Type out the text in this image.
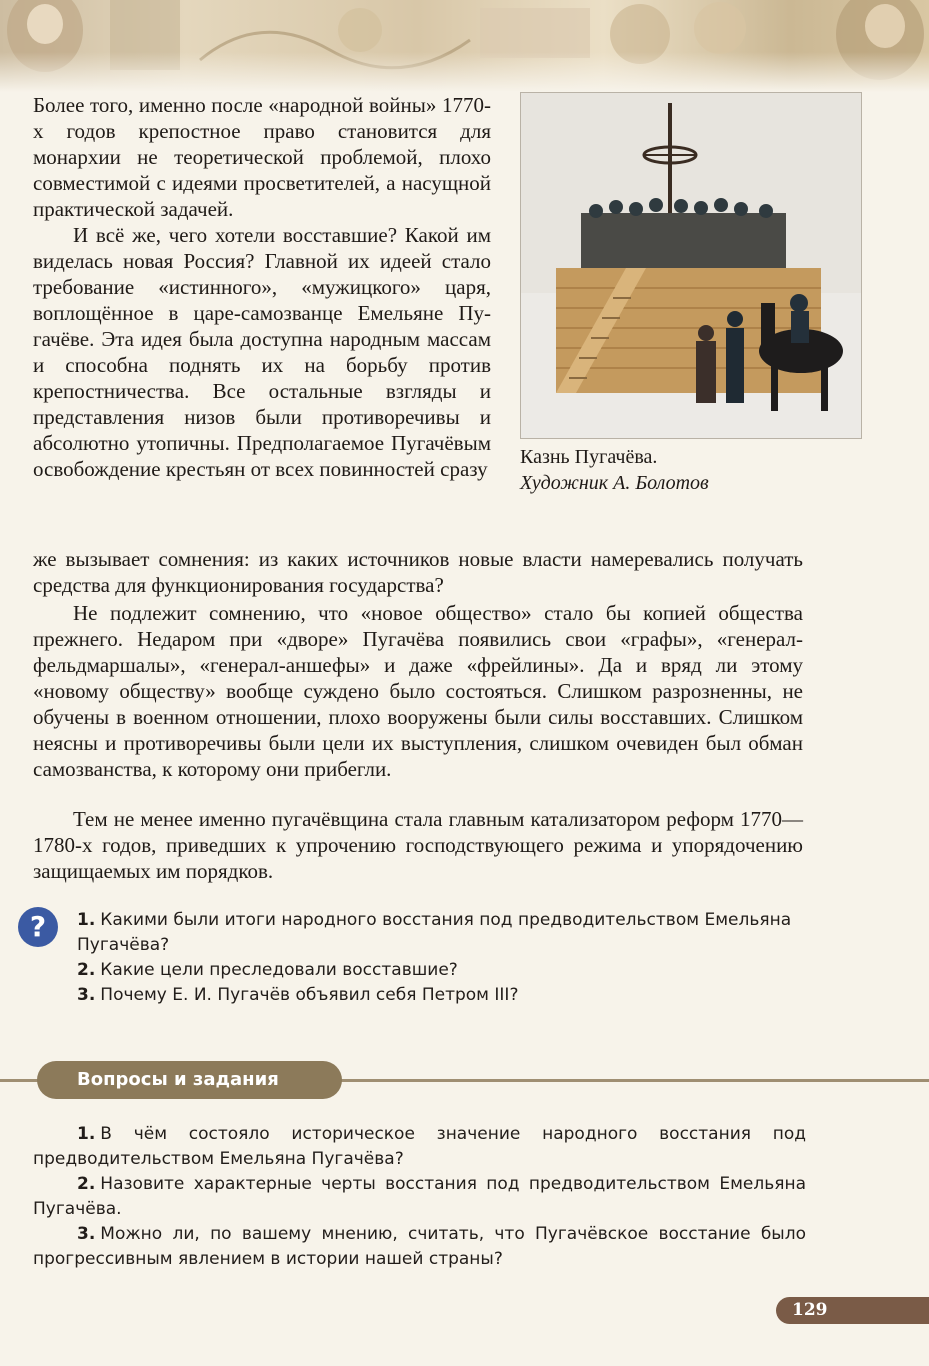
Более того, именно после «народной войны» 1770-х годов крепостное право становится для монархии не теоретической проблемой, плохо совместимой с идеями просветителей, а насущной практической задачей.

И всё же, чего хотели восставшие? Какой им виделась новая Россия? Главной их идеей стало требование «истинного», «мужицкого» царя, воплощённое в царе-самозванце Емельяне Пугачёве. Эта идея была доступна народным массам и способна поднять их на борьбу против крепостничества. Все остальные взгляды и представления низов были противоречивы и абсолютно утопичны. Предполагаемое Пугачёвым освобождение крестьян от всех повинностей сразу Казнь Пугачёва.

Художник А. Болотов

же вызывает сомнения: из каких источников новые власти намеревались получать средства для функционирования государства?

Не подлежит сомнению, что «новое общество» стало бы копией общества прежнего. Недаром при «дворе» Пугачёва появились свои «графы», «генерал-фельдмаршалы», «генерал-аншефы» и даже «фрейлины». Да и вряд ли этому «новому обществу» вообще суждено было состояться. Слишком разрозненны, не обучены в военном отношении, плохо вооружены были силы восставших. Слишком неясны и противоречивы были цели их выступления, слишком очевиден был обман самозванства, к которому они прибегли.

Тем не менее именно пугачёвщина стала главным катализатором реформ 1770—1780-х годов, приведших к упрочению господствующего режима и упорядочению защищаемых им порядков.

?	1. Какими были итоги народного восстания под предводительством Емельяна Пугачёва?
2. Какие цели преследовали восставшие?
3. Почему Е. И. Пугачёв объявил себя Петром III?
Вопросы и задания
1. В чём состояло историческое значение народного восстания под предводительством Емельяна Пугачёва?
2. Назовите характерные черты восстания под предводительством Емельяна Пугачёва.
3. Можно ли, по вашему мнению, считать, что Пугачёвское восстание было прогрессивным явлением в истории нашей страны?
129
